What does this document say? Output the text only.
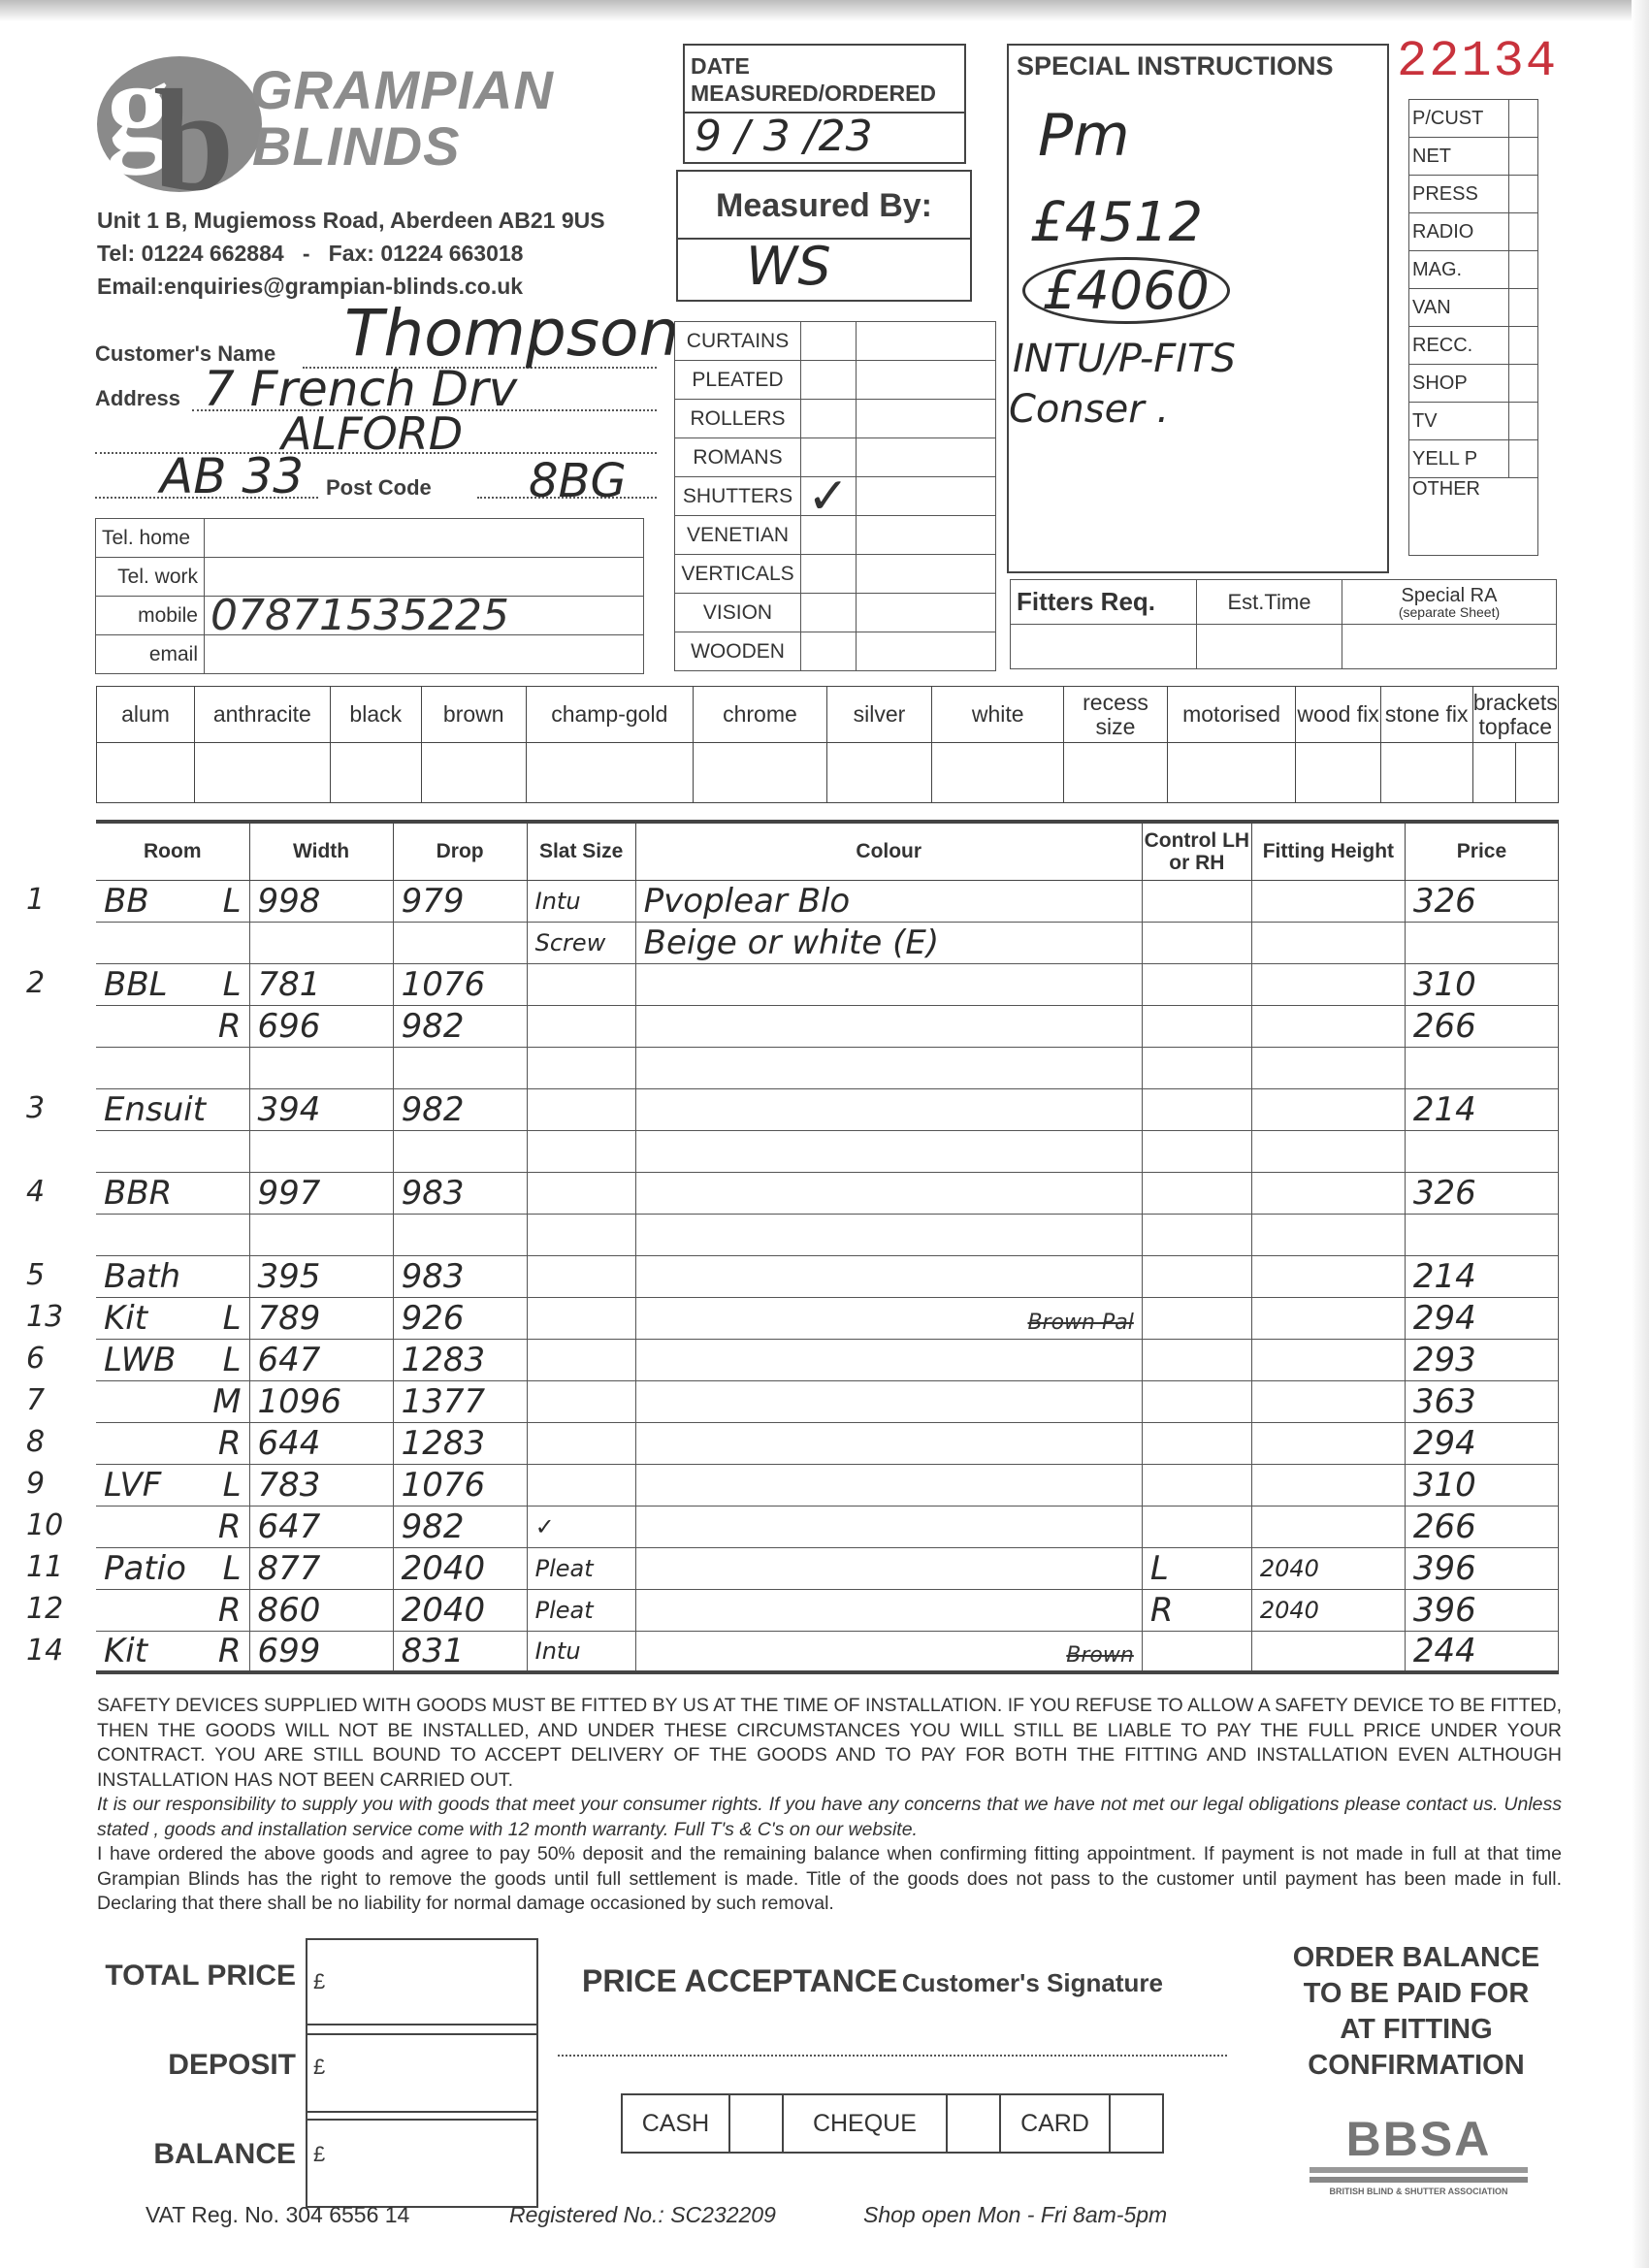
g
b GRAMPIAN
BLINDS
Unit 1 B, Mugiemoss Road, Aberdeen AB21 9US
Tel: 01224 662884   -   Fax: 01224 663018
Email:enquiries@grampian-blinds.co.uk
DATE
MEASURED/ORDERED
9 / 3 /23
Measured By:
WS
SPECIAL INSTRUCTIONS
Pm
£4512
£4060
INTU/P-FITS
Conser .
22134
P/CUST	
NET	
PRESS	
RADIO	
MAG.	
VAN	
RECC.	
SHOP	
TV	
YELL P	
OTHER	
Customer's Name Thompson
Address 7 French Drv
ALFORD
AB 33 Post Code 8BG
Tel. home	
Tel. work	
mobile	07871535225
email	
CURTAINS		
PLEATED		
ROLLERS		
ROMANS		
SHUTTERS	✓	
VENETIAN		
VERTICALS		
VISION		
WOODEN		
Fitters Req.	Est.Time	Special RA
(separate Sheet)

alum	anthracite	black	brown	champ-gold	chrome	silver	white	recess size	motorised	wood fix	stone fix	brackets
top face	

Room	Width	Drop	Slat Size	Colour	Control LH or RH	Fitting Height	Price

1 BB L	998	979	Intu	Pvoplear Blo			326

			Screw	Beige or white (E)			

2 BBL L	781	1076					310

R	696	982					266

3 Ensuit	394	982					214

4 BBR	997	983					326

5 Bath	395	983					214

13 Kit L	789	926		Brown Pal			294

6 LWB L	647	1283					293

7 M	1096	1377					363

8 R	644	1283					294

9 LVF L	783	1076					310

10 R	647	982	✓				266

11 Patio L	877	2040	Pleat		L	2040	396

12 R	860	2040	Pleat		R	2040	396

14 Kit R	699	831	Intu	Brown			244

SAFETY DEVICES SUPPLIED WITH GOODS MUST BE FITTED BY US AT THE TIME OF INSTALLATION. IF YOU REFUSE TO ALLOW A SAFETY DEVICE TO BE FITTED, THEN THE GOODS WILL NOT BE INSTALLED, AND UNDER THESE CIRCUMSTANCES YOU WILL STILL BE LIABLE TO PAY THE FULL PRICE UNDER YOUR CONTRACT. YOU ARE STILL BOUND TO ACCEPT DELIVERY OF THE GOODS AND TO PAY FOR BOTH THE FITTING AND INSTALLATION EVEN ALTHOUGH INSTALLATION HAS NOT BEEN CARRIED OUT.

It is our responsibility to supply you with goods that meet your consumer rights. If you have any concerns that we have not met our legal obligations please contact us. Unless stated , goods and installation service come with 12 month warranty. Full T's & C's on our website.

I have ordered the above goods and agree to pay 50% deposit and the remaining balance when confirming fitting appointment. If payment is not made in full at that time Grampian Blinds has the right to remove the goods until full settlement is made. Title of the goods does not pass to the customer until payment has been made in full. Declaring that there shall be no liability for normal damage occasioned by such removal.

TOTAL PRICE £
DEPOSIT £
BALANCE £
PRICE ACCEPTANCE Customer's Signature
CASH		CHEQUE		CARD	
ORDER BALANCE
TO BE PAID FOR
AT FITTING
CONFIRMATION
BBSA
BRITISH BLIND & SHUTTER ASSOCIATION
VAT Reg. No. 304 6556 14	Registered No.: SC232209	Shop open Mon - Fri 8am-5pm
